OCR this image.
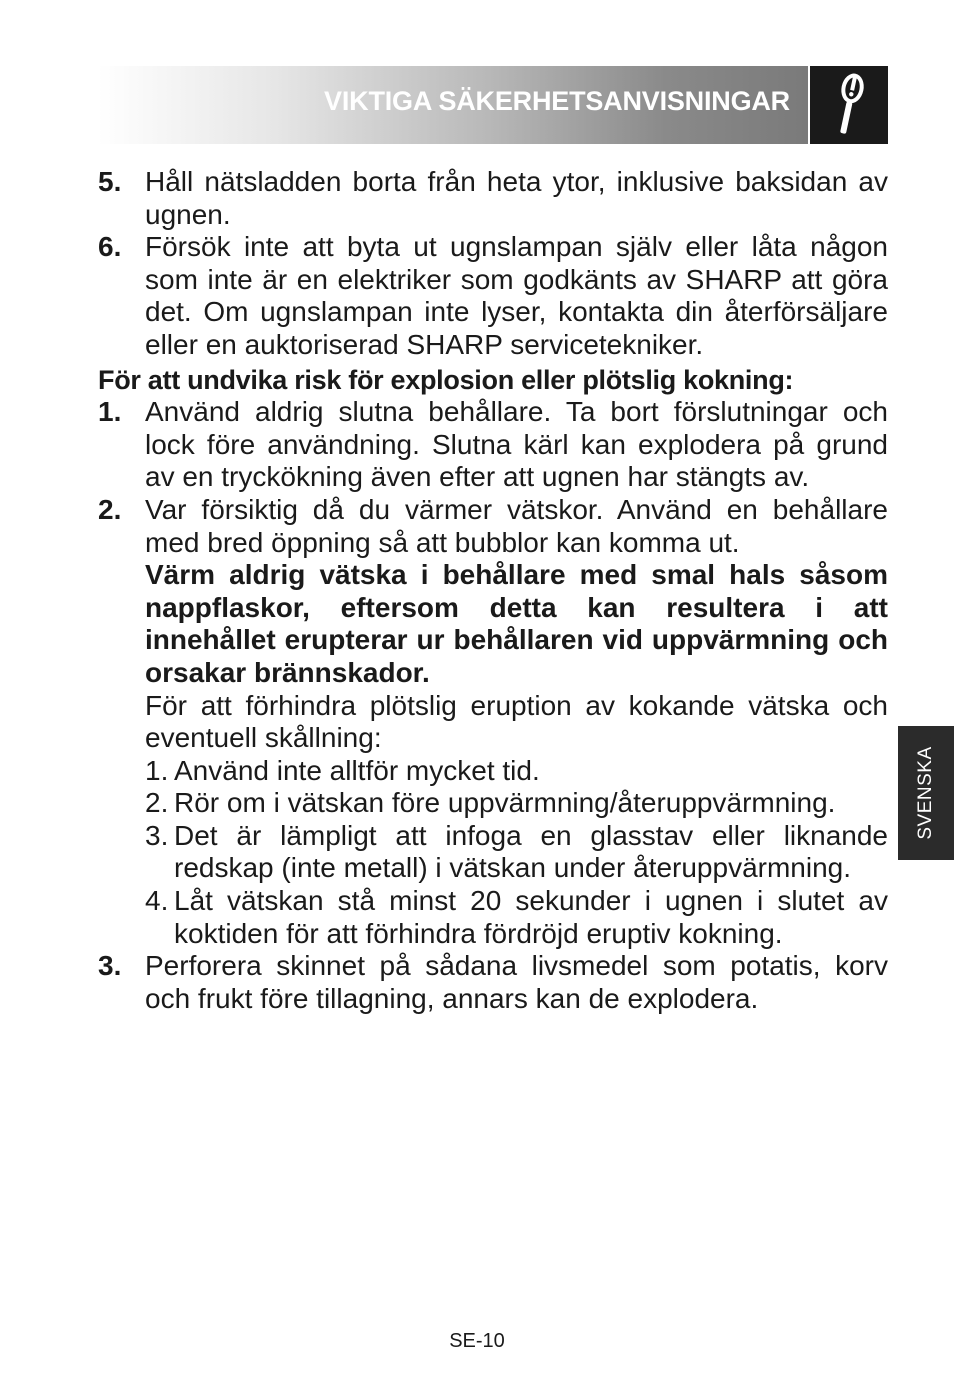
VIKTIGA SÄKERHETSANVISNINGAR
SVENSKA
5. Håll nätsladden borta från heta ytor, inklusive baksidan av ugnen.
6. Försök inte att byta ut ugnslampan själv eller låta någon som inte är en elektriker som godkänts av SHARP att göra det. Om ugnslampan inte lyser, kontakta din återförsäljare eller en auktoriserad SHARP servicetekniker.
För att undvika risk för explosion eller plötslig kokning:
1. Använd aldrig slutna behållare. Ta bort förslutningar och lock före användning. Slutna kärl kan explodera på grund av en tryckökning även efter att ugnen har stängts av.
2. Var försiktig då du värmer vätskor. Använd en behållare med bred öppning så att bubblor kan komma ut.

Värm aldrig vätska i behållare med smal hals såsom nappflaskor, eftersom detta kan resultera i att innehållet erupterar ur behållaren vid uppvärmning och orsakar brännskador.

För att förhindra plötslig eruption av kokande vätska och eventuell skållning:

1. Använd inte alltför mycket tid.
2. Rör om i vätskan före uppvärmning/återuppvärmning.
3. Det är lämpligt att infoga en glasstav eller liknande redskap (inte metall) i vätskan under återuppvärmning.
4. Låt vätskan stå minst 20 sekunder i ugnen i slutet av koktiden för att förhindra fördröjd eruptiv kokning.
3. Perforera skinnet på sådana livsmedel som potatis, korv och frukt före tillagning, annars kan de explodera.
SE-10
